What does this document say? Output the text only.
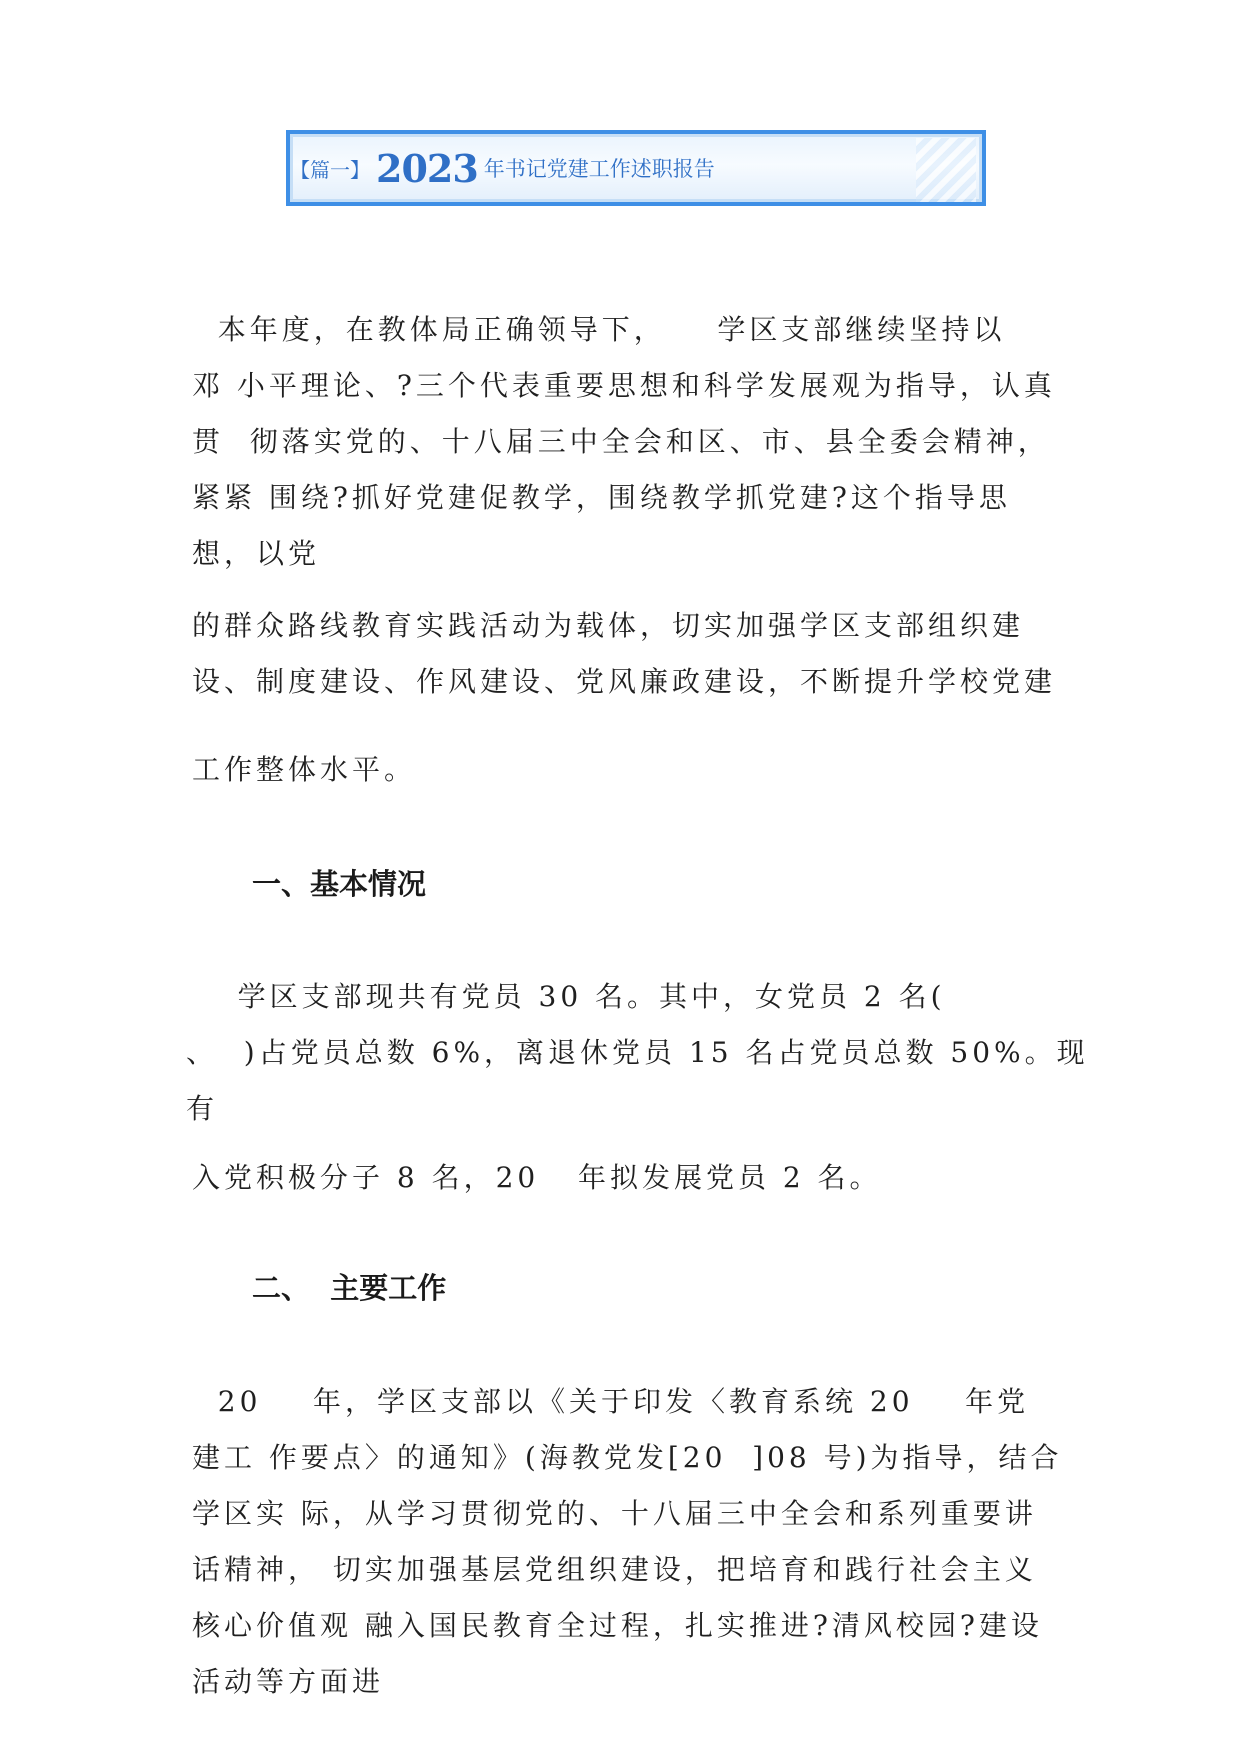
【篇一】 2023 年书记党建工作述职报告

本年度，在教体局正确领导下，    学区支部继续坚持以
邓 小平理论、?三个代表重要思想和科学发展观为指导，认真
贯  彻落实党的、十八届三中全会和区、市、县全委会精神，
紧紧 围绕?抓好党建促教学，围绕教学抓党建?这个指导思
想，以党

的群众路线教育实践活动为载体，切实加强学区支部组织建
设、制度建设、作风建设、党风廉政建设，不断提升学校党建

工作整体水平。

一、基本情况

学区支部现共有党员 30 名。其中，女党员 2 名(
、  )占党员总数 6%，离退休党员 15 名占党员总数 50%。现
有

入党积极分子 8 名，20   年拟发展党员 2 名。

二、  主要工作

20    年，学区支部以《关于印发〈教育系统 20    年党
建工 作要点〉的通知》(海教党发[20  ]08 号)为指导，结合
学区实 际，从学习贯彻党的、十八届三中全会和系列重要讲
话精神， 切实加强基层党组织建设，把培育和践行社会主义
核心价值观 融入国民教育全过程，扎实推进?清风校园?建设
活动等方面进
